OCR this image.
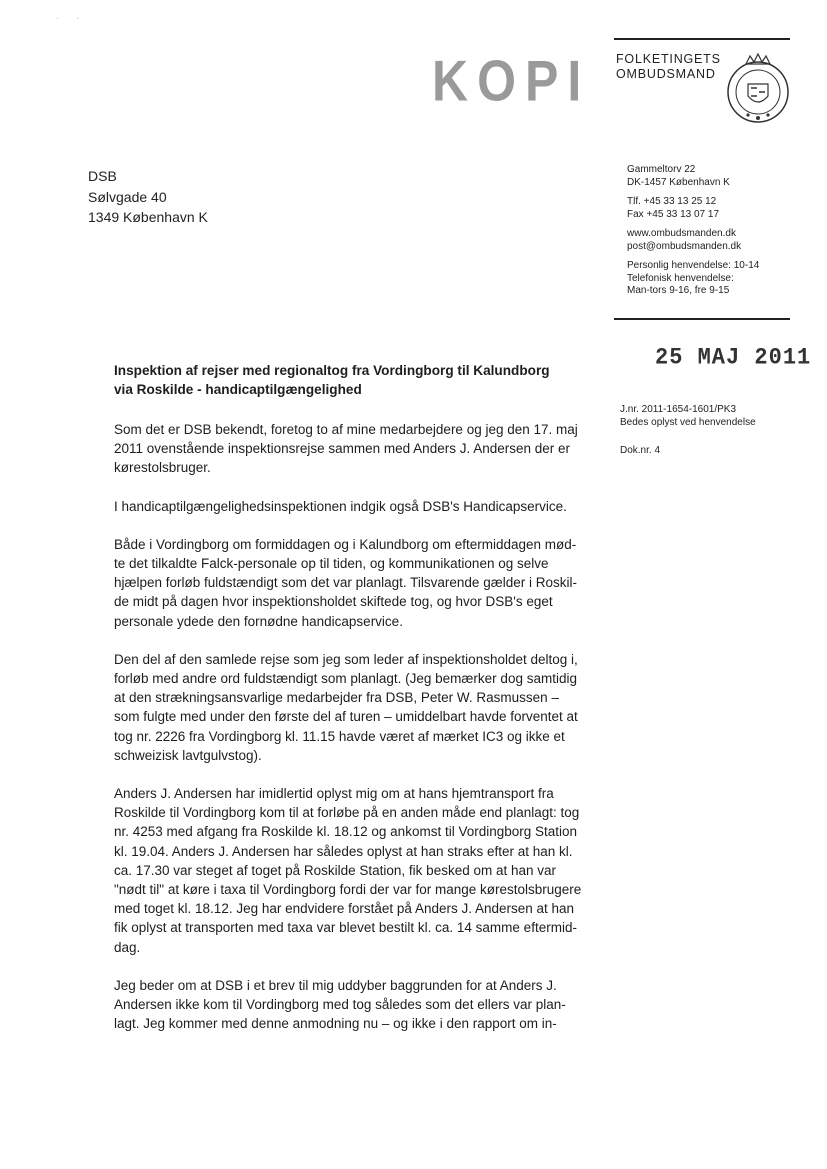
·        ·
KOPI FOLKETINGETS
OMBUDSMAND
DSB
Sølvgade 40
1349 København K
Gammeltorv 22
DK-1457 København K
Tlf. +45 33 13 25 12
Fax +45 33 13 07 17
www.ombudsmanden.dk
post@ombudsmanden.dk
Personlig henvendelse: 10-14
Telefonisk henvendelse:
Man-tors 9-16, fre 9-15
25 MAJ 2011
J.nr. 2011-1654-1601/PK3
Bedes oplyst ved henvendelse
Dok.nr. 4
Inspektion af rejser med regionaltog fra Vordingborg til Kalundborg
via Roskilde - handicaptilgængelighed
Som det er DSB bekendt, foretog to af mine medarbejdere og jeg den 17. maj
2011 ovenstående inspektionsrejse sammen med Anders J. Andersen der er
kørestolsbruger.
I handicaptilgængelighedsinspektionen indgik også DSB's Handicapservice.
Både i Vordingborg om formiddagen og i Kalundborg om eftermiddagen mød-
te det tilkaldte Falck-personale op til tiden, og kommunikationen og selve
hjælpen forløb fuldstændigt som det var planlagt. Tilsvarende gælder i Roskil-
de midt på dagen hvor inspektionsholdet skiftede tog, og hvor DSB's eget
personale ydede den fornødne handicapservice.
Den del af den samlede rejse som jeg som leder af inspektionsholdet deltog i,
forløb med andre ord fuldstændigt som planlagt. (Jeg bemærker dog samtidig
at den strækningsansvarlige medarbejder fra DSB, Peter W. Rasmussen –
som fulgte med under den første del af turen – umiddelbart havde forventet at
tog nr. 2226 fra Vordingborg kl. 11.15 havde været af mærket IC3 og ikke et
schweizisk lavtgulvstog).
Anders J. Andersen har imidlertid oplyst mig om at hans hjemtransport fra
Roskilde til Vordingborg kom til at forløbe på en anden måde end planlagt: tog
nr. 4253 med afgang fra Roskilde kl. 18.12 og ankomst til Vordingborg Station
kl. 19.04. Anders J. Andersen har således oplyst at han straks efter at han kl.
ca. 17.30 var steget af toget på Roskilde Station, fik besked om at han var
"nødt til" at køre i taxa til Vordingborg fordi der var for mange kørestolsbrugere
med toget kl. 18.12. Jeg har endvidere forstået på Anders J. Andersen at han
fik oplyst at transporten med taxa var blevet bestilt kl. ca. 14 samme eftermid-
dag.
Jeg beder om at DSB i et brev til mig uddyber baggrunden for at Anders J.
Andersen ikke kom til Vordingborg med tog således som det ellers var plan-
lagt. Jeg kommer med denne anmodning nu – og ikke i den rapport om in-
